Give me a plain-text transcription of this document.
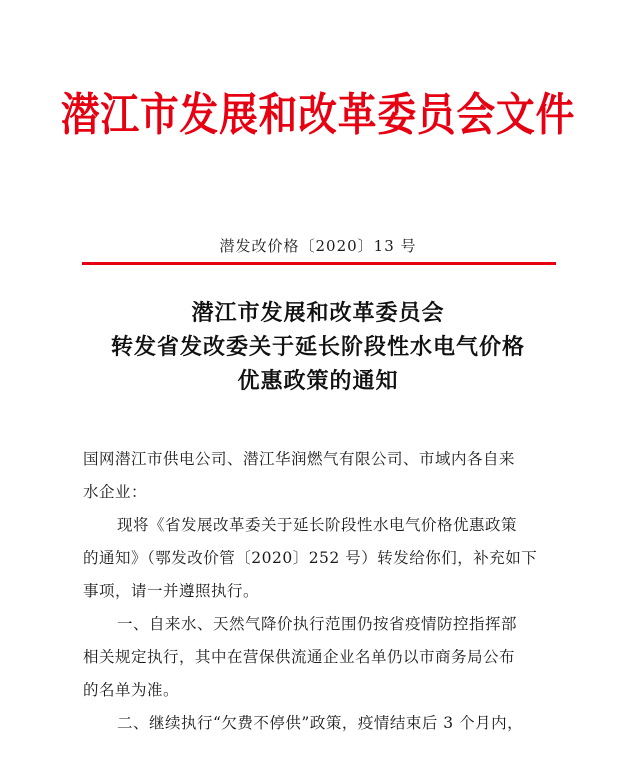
潜江市发展和改革委员会文件
潜发改价格〔2020〕13 号
潜江市发展和改革委员会
转发省发改委关于延长阶段性水电气价格
优惠政策的通知
国网潜江市供电公司、潜江华润燃气有限公司、市域内各自来
水企业：
现将《省发展改革委关于延长阶段性水电气价格优惠政策
的通知》（鄂发改价管〔2020〕252 号）转发给你们，补充如下
事项，请一并遵照执行。
一、自来水、天然气降价执行范围仍按省疫情防控指挥部
相关规定执行，其中在营保供流通企业名单仍以市商务局公布
的名单为准。
二、继续执行“欠费不停供”政策，疫情结束后 3 个月内，
